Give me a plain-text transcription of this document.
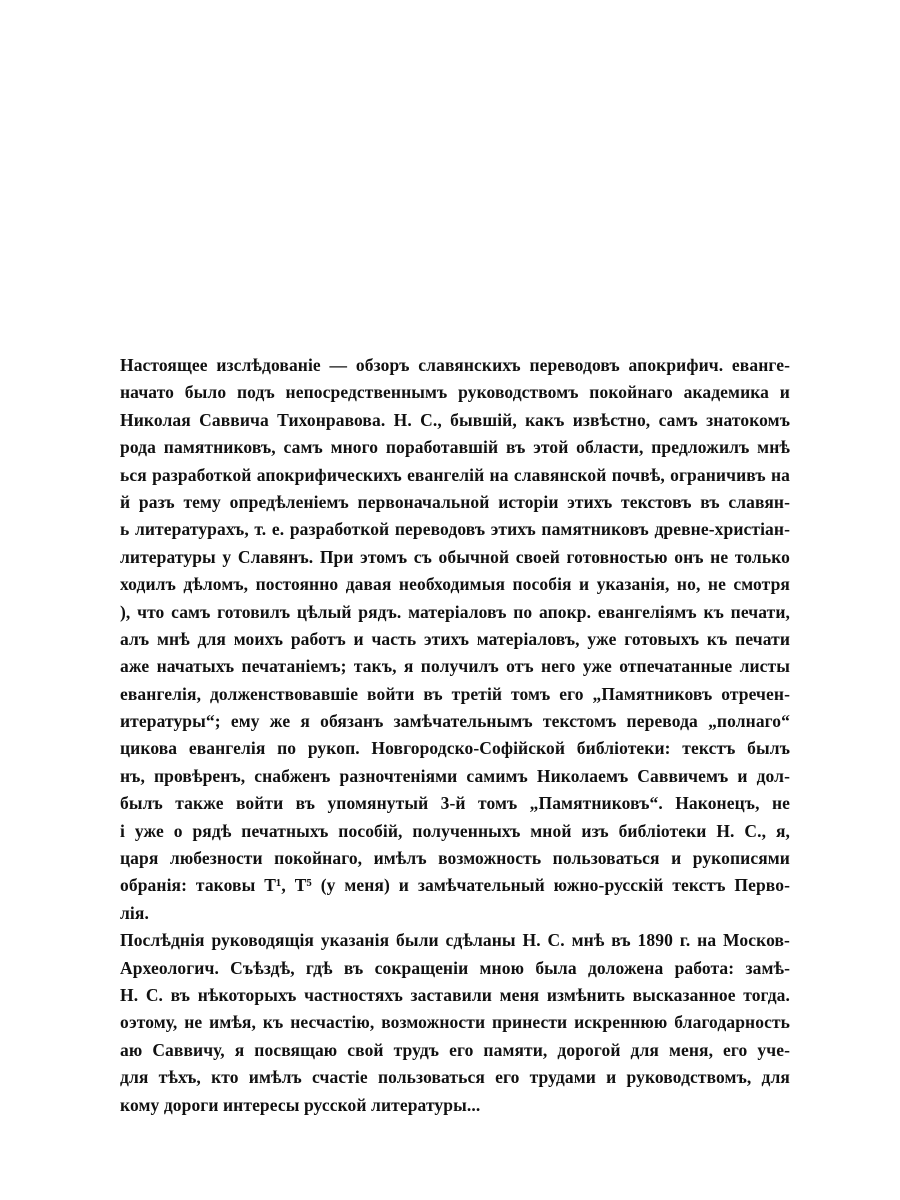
Настоящее изслѣдованіе — обзоръ славянскихъ переводовъ апокрифич. еванге-
начато было подъ непосредственнымъ руководствомъ покойнаго академика и
Николая Саввича Тихонравова. Н. С., бывшій, какъ извѣстно, самъ знатокомъ
рода памятниковъ, самъ много поработавшій въ этой области, предложилъ мнѣ
ься разработкой апокрифическихъ евангелій на славянской почвѣ, ограничивъ на
й разъ тему опредѣленіемъ первоначальной исторіи этихъ текстовъ въ славян-
ь литературахъ, т. е. разработкой переводовъ этихъ памятниковъ древне-христіан-
литературы у Славянъ. При этомъ съ обычной своей готовностью онъ не только
ходилъ дѣломъ, постоянно давая необходимыя пособія и указанія, но, не смотря
), что самъ готовилъ цѣлый рядъ. матеріаловъ по апокр. евангеліямъ къ печати,
алъ мнѣ для моихъ работъ и часть этихъ матеріаловъ, уже готовыхъ къ печати
аже начатыхъ печатаніемъ; такъ, я получилъ отъ него уже отпечатанные листы
евангелія, долженствовавшіе войти въ третій томъ его „Памятниковъ отречен-
итературы“; ему же я обязанъ замѣчательнымъ текстомъ перевода „полнаго“
цикова евангелія по рукоп. Новгородско-Софійской библіотеки: текстъ былъ
нъ, провѣренъ, снабженъ разночтеніями самимъ Николаемъ Саввичемъ и дол-
былъ также войти въ упомянутый 3-й томъ „Памятниковъ“. Наконецъ, не
і уже о рядѣ печатныхъ пособій, полученныхъ мной изъ библіотеки Н. С., я,
царя любезности покойнаго, имѣлъ возможность пользоваться и рукописями
обранія: таковы Т¹, Т⁵ (у меня) и замѣчательный южно-русскій текстъ Перво-
лія.
Послѣднія руководящія указанія были сдѣланы Н. С. мнѣ въ 1890 г. на Москов-
Археологич. Съѣздѣ, гдѣ въ сокращеніи мною была доложена работа: замѣ-
Н. С. въ нѣкоторыхъ частностяхъ заставили меня измѣнить высказанное тогда.
оэтому, не имѣя, къ несчастію, возможности принести искреннюю благодарность
аю Саввичу, я посвящаю свой трудъ его памяти, дорогой для меня, его уче-
для тѣхъ, кто имѣлъ счастіе пользоваться его трудами и руководствомъ, для
кому дороги интересы русской литературы...
